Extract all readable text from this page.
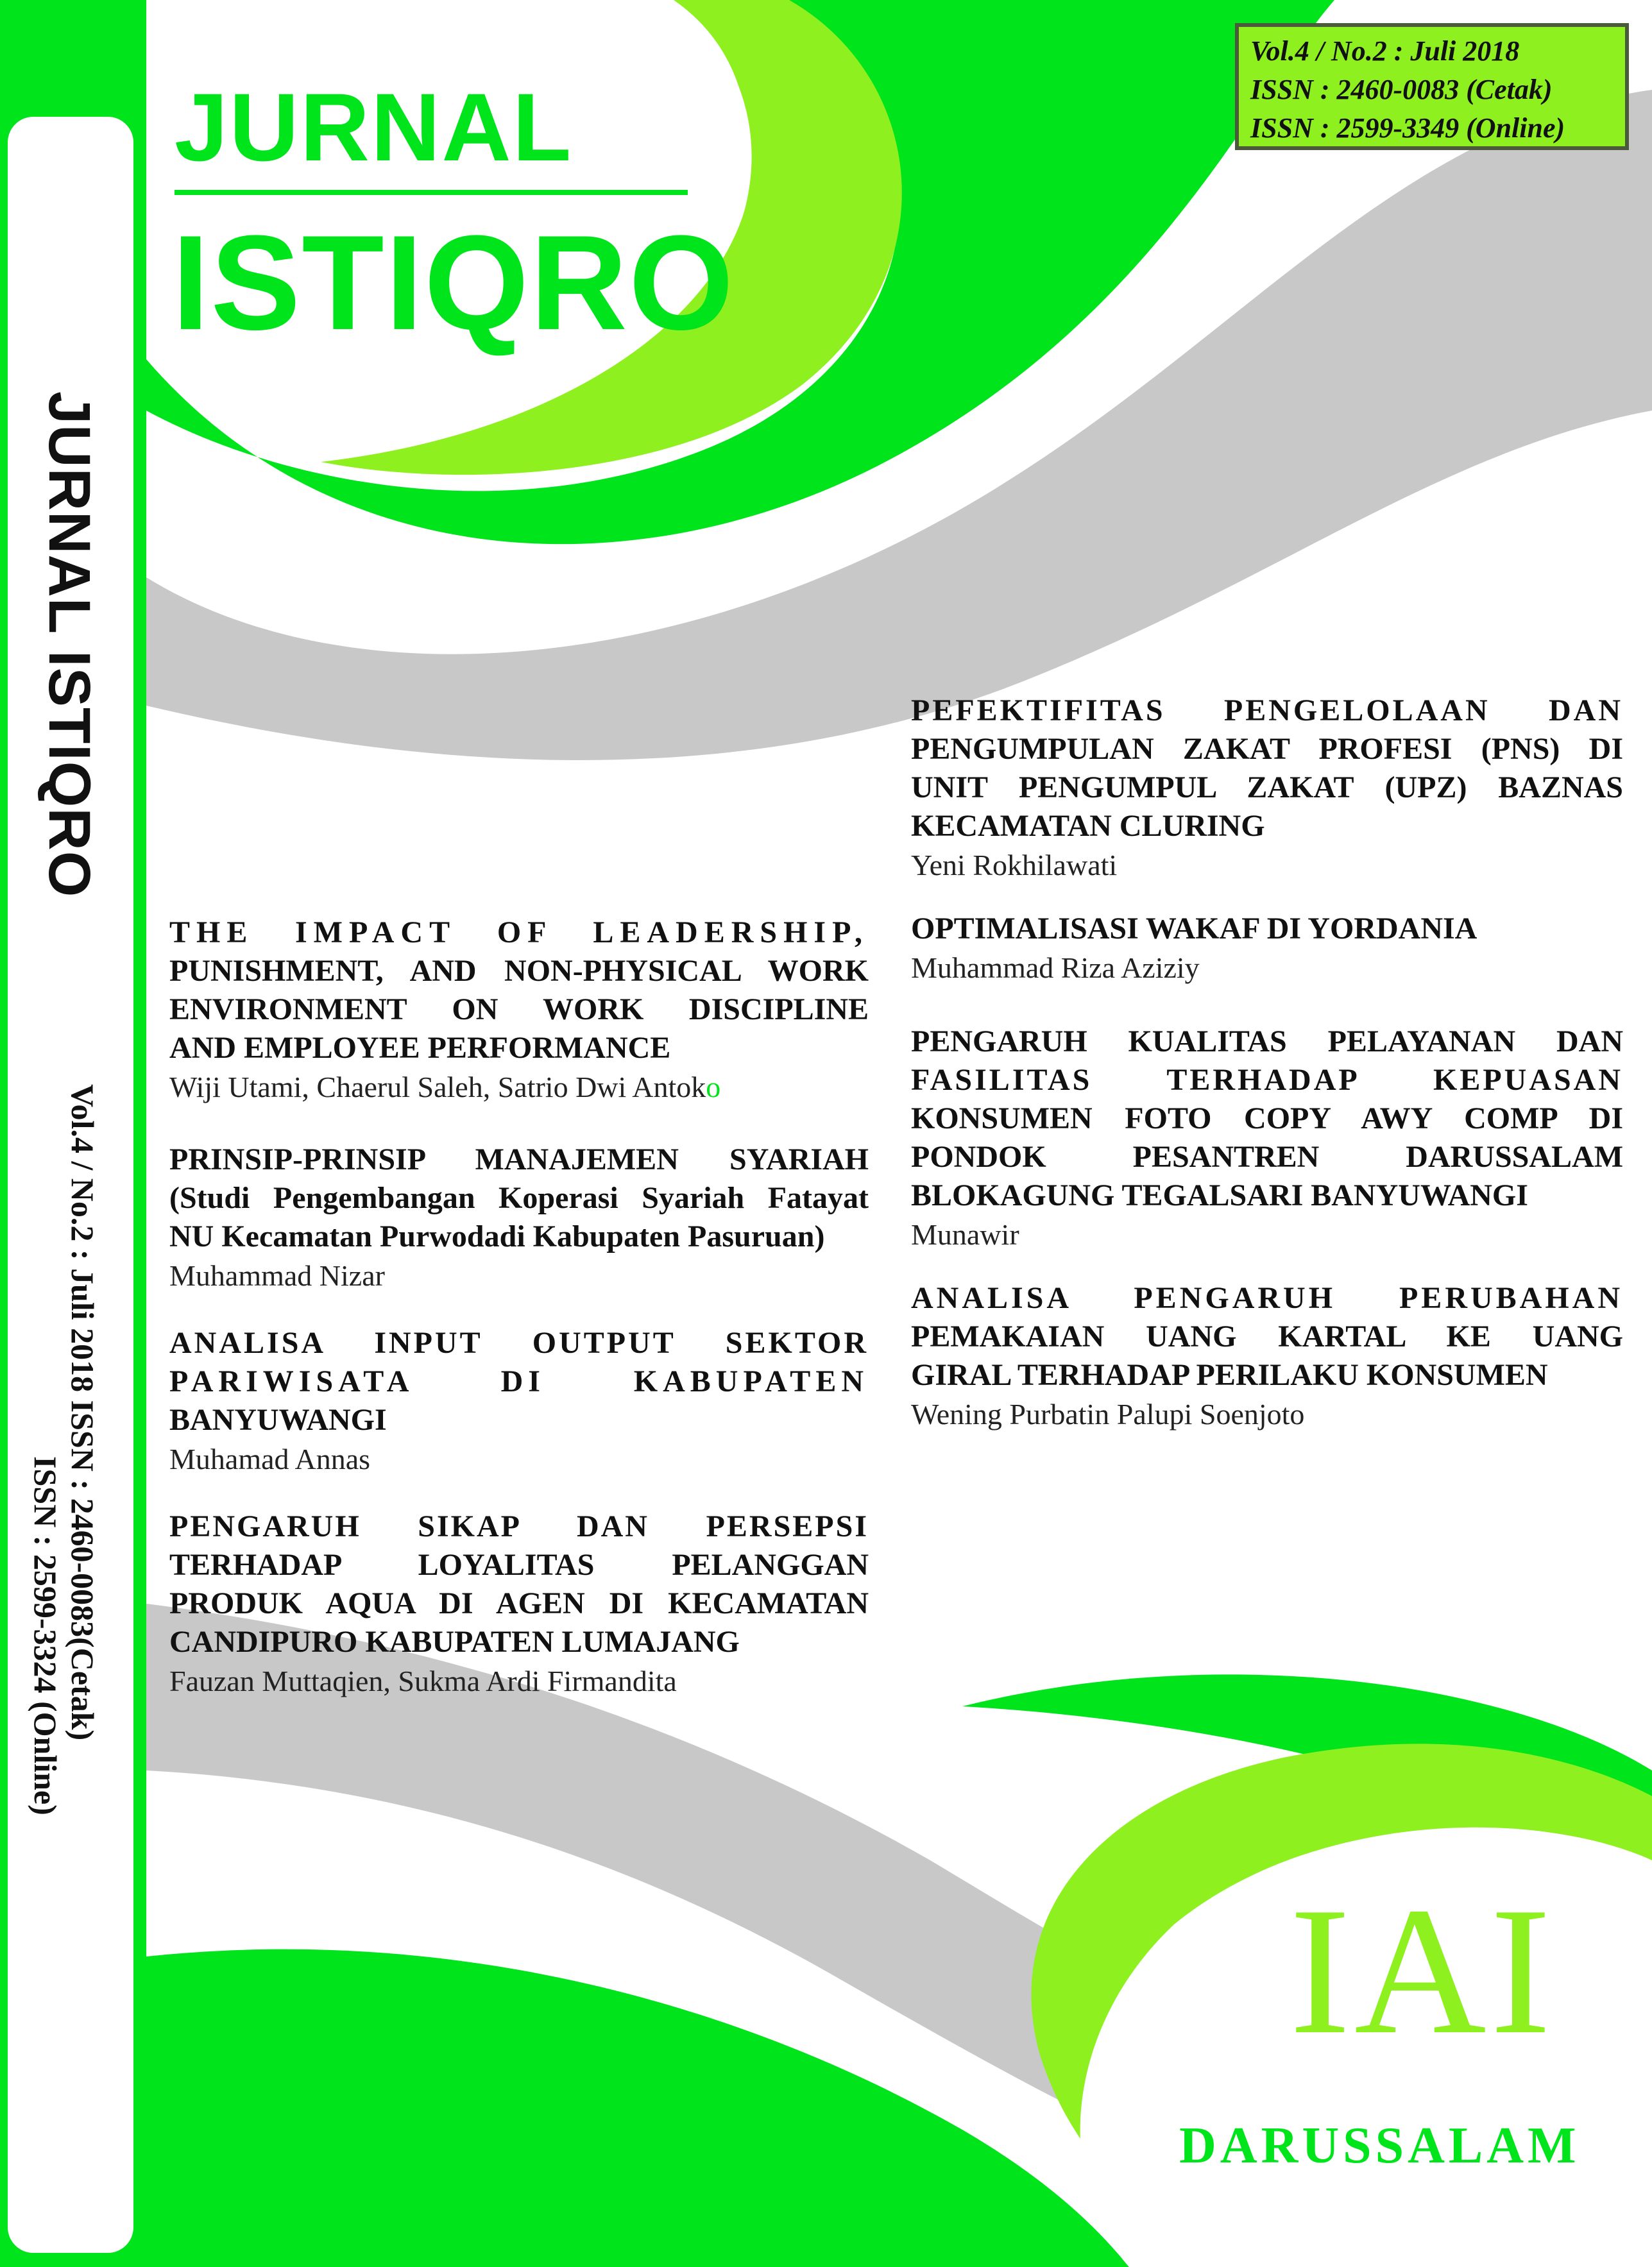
JURNAL ISTIQRO
Vol.4 / No.2 : Juli 2018 ISSN : 2460-0083(Cetak)
ISSN : 2599-3324 (Online)
JURNAL
ISTIQRO
Vol.4 / No.2 : Juli 2018
ISSN : 2460-0083 (Cetak)
ISSN : 2599-3349 (Online)
THE IMPACT OF LEADERSHIP,
PUNISHMENT, AND NON-PHYSICAL WORK
ENVIRONMENT ON WORK DISCIPLINE
AND EMPLOYEE PERFORMANCE
Wiji Utami, Chaerul Saleh, Satrio Dwi Antoko
PRINSIP-PRINSIP MANAJEMEN SYARIAH
(Studi Pengembangan Koperasi Syariah Fatayat
NU Kecamatan Purwodadi Kabupaten Pasuruan)
Muhammad Nizar
ANALISA INPUT OUTPUT SEKTOR
PARIWISATA DI KABUPATEN
BANYUWANGI
Muhamad Annas
PENGARUH SIKAP DAN PERSEPSI
TERHADAP LOYALITAS PELANGGAN
PRODUK AQUA DI AGEN DI KECAMATAN
CANDIPURO KABUPATEN LUMAJANG
Fauzan Muttaqien, Sukma Ardi Firmandita
PEFEKTIFITAS PENGELOLAAN DAN
PENGUMPULAN ZAKAT PROFESI (PNS) DI
UNIT PENGUMPUL ZAKAT (UPZ) BAZNAS
KECAMATAN CLURING
Yeni Rokhilawati
OPTIMALISASI WAKAF DI YORDANIA
Muhammad Riza Aziziy
PENGARUH KUALITAS PELAYANAN DAN
FASILITAS TERHADAP KEPUASAN
KONSUMEN FOTO COPY AWY COMP DI
PONDOK PESANTREN DARUSSALAM
BLOKAGUNG TEGALSARI BANYUWANGI
Munawir
ANALISA PENGARUH PERUBAHAN
PEMAKAIAN UANG KARTAL KE UANG
GIRAL TERHADAP PERILAKU KONSUMEN
Wening Purbatin Palupi Soenjoto
IAI
DARUSSALAM
